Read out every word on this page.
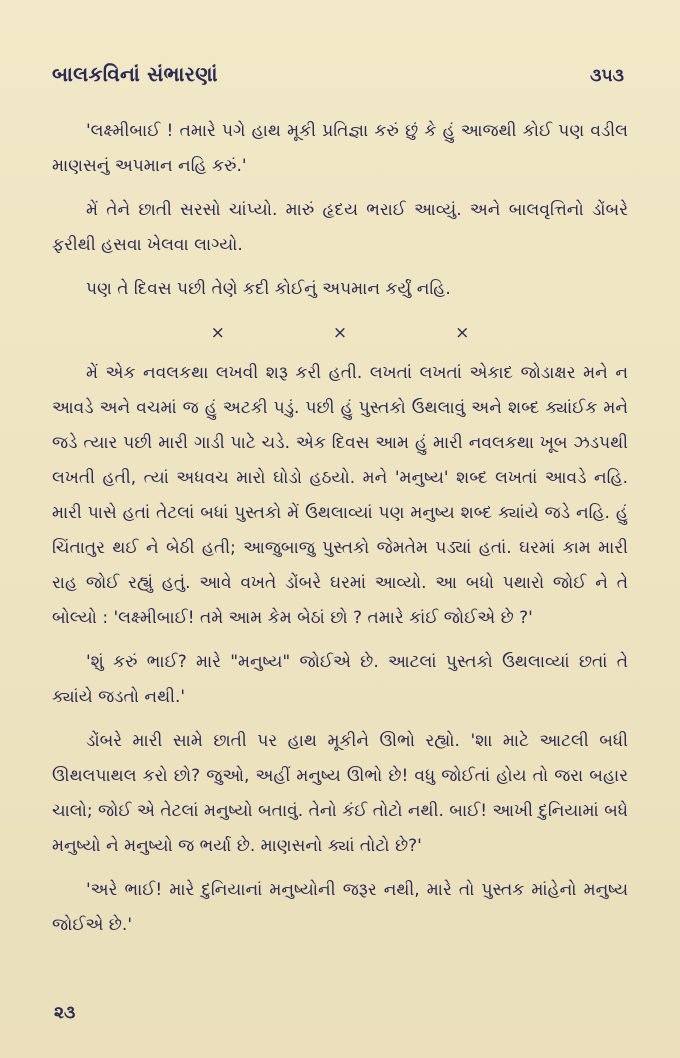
બાલકવિનાં સંભારણાં	૩૫૩

'લક્ષ્મીબાઈ ! તમારે પગે હાથ મૂકી પ્રતિજ્ઞા કરું છું કે હું આજથી કોઈ પણ વડીલ માણસનું અપમાન નહિ કરું.'

મેં તેને છાતી સરસો ચાંપ્યો. મારું હૃદય ભરાઈ આવ્યું. અને બાલવૃત્તિનો ડોંબરે ફરીથી હસવા ખેલવા લાગ્યો.

પણ તે દિવસ પછી તેણે કદી કોઈનું અપમાન કર્યું નહિ.

×	×	×

મેં એક નવલકથા લખવી શરૂ કરી હતી. લખતાં લખતાં એકાદ જોડાક્ષર મને ન આવડે અને વચમાં જ હું અટકી પડું. પછી હું પુસ્તકો ઉથલાવું અને શબ્દ ક્યાંઈક મને જડે ત્યાર પછી મારી ગાડી પાટે ચડે. એક દિવસ આમ હું મારી નવલકથા ખૂબ ઝડપથી લખતી હતી, ત્યાં અધવચ મારો ઘોડો હઠયો. મને 'મનુષ્ય' શબ્દ લખતાં આવડે નહિ. મારી પાસે હતાં તેટલાં બધાં પુસ્તકો મેં ઉથલાવ્યાં પણ મનુષ્ય શબ્દ ક્યાંયે જડે નહિ. હું ચિંતાતુર થઈ ને બેઠી હતી; આજુબાજુ પુસ્તકો જેમતેમ પડ્યાં હતાં. ઘરમાં કામ મારી રાહ જોઈ રહ્યું હતું. આવે વખતે ડોંબરે ઘરમાં આવ્યો. આ બધો પથારો જોઈ ને તે બોલ્યો : 'લક્ષ્મીબાઈ! તમે આમ કેમ બેઠાં છો ? તમારે કાંઈ જોઈએ છે ?'

'શું કરું ભાઈ? મારે "મનુષ્ય" જોઈએ છે. આટલાં પુસ્તકો ઉથલાવ્યાં છતાં તે ક્યાંયે જડતો નથી.'

ડોંબરે મારી સામે છાતી પર હાથ મૂકીને ઊભો રહ્યો. 'શા માટે આટલી બધી ઊથલપાથલ કરો છો? જુઓ, અહીં મનુષ્ય ઊભો છે! વધુ જોઈતાં હોય તો જરા બહાર ચાલો; જોઈ એ તેટલાં મનુષ્યો બતાવું. તેનો કંઈ તોટો નથી. બાઈ! આખી દુનિયામાં બધે મનુષ્યો ને મનુષ્યો જ ભર્યા છે. માણસનો ક્યાં તોટો છે?'

'અરે ભાઈ! મારે દુનિયાનાં મનુષ્યોની જરૂર નથી, મારે તો પુસ્તક માંહેનો મનુષ્ય જોઈએ છે.'

૨૩
